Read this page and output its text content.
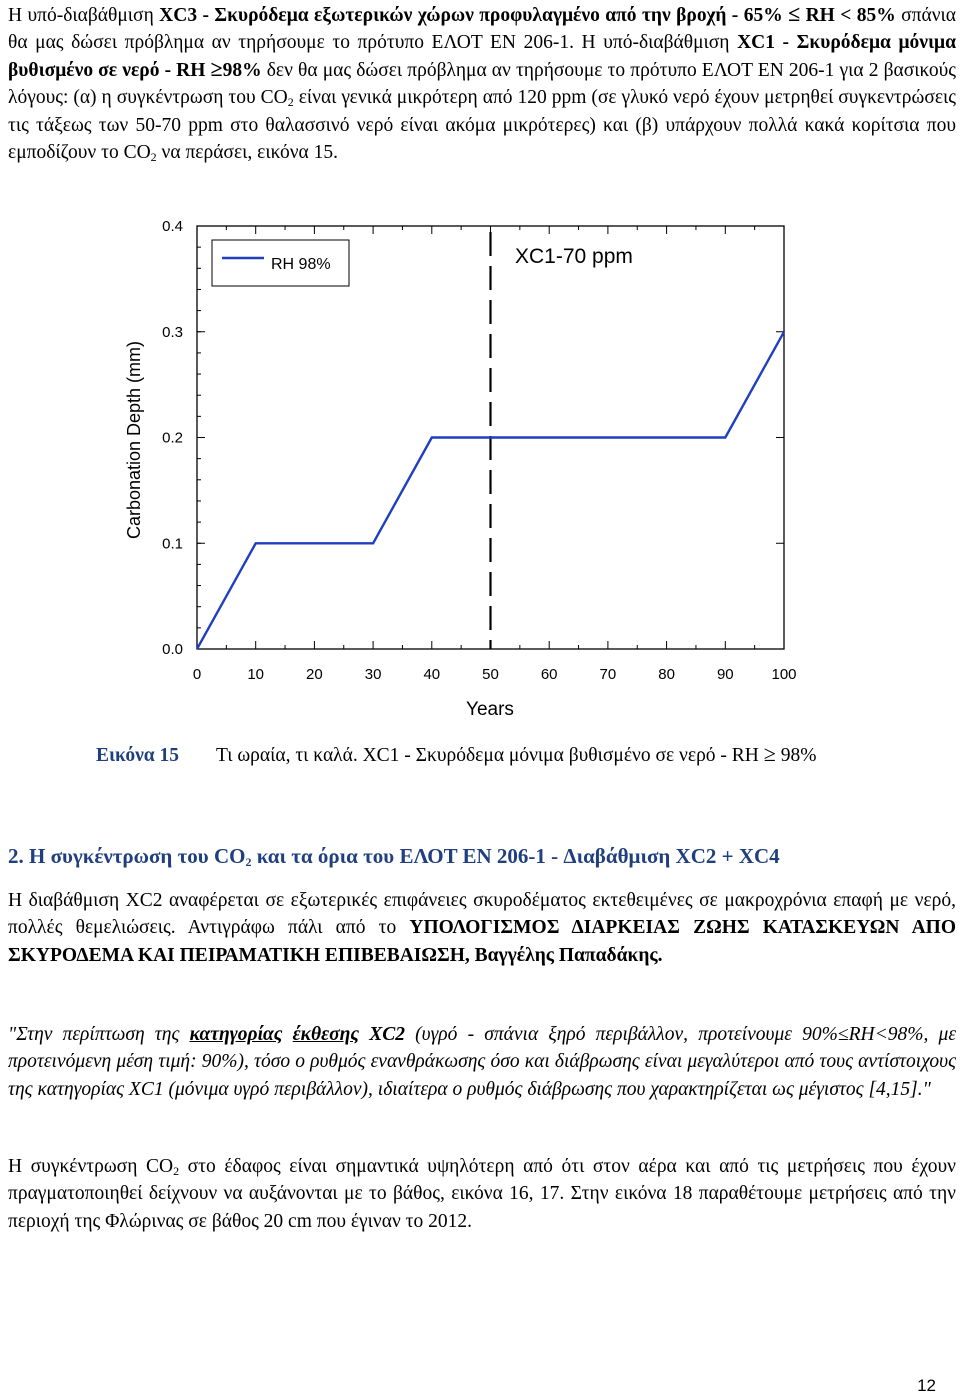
Η υπό-διαβάθμιση XC3 - Σκυρόδεμα εξωτερικών χώρων προφυλαγμένο από την βροχή - 65% ≤ RH < 85% σπάνια θα μας δώσει πρόβλημα αν τηρήσουμε το πρότυπο ΕΛΟΤ EN 206-1. Η υπό-διαβάθμιση XC1 - Σκυρόδεμα μόνιμα βυθισμένο σε νερό - RH ≥98% δεν θα μας δώσει πρόβλημα αν τηρήσουμε το πρότυπο ΕΛΟΤ EN 206-1 για 2 βασικούς λόγους: (α) η συγκέντρωση του $CO_2$ είναι γενικά μικρότερη από 120 ppm (σε γλυκό νερό έχουν μετρηθεί συγκεντρώσεις τις τάξεως των 50-70 ppm στο θαλασσινό νερό είναι ακόμα μικρότερες) και (β) υπάρχουν πολλά κακά κορίτσια που εμποδίζουν το $CO_2$ να περάσει, εικόνα 15.

0	10	20	30	40	50	60	70	80	90	100
0.0
0.1
0.2
0.3
0.4
RH 98%	XC1-70 ppm
Years
Carbonation Depth (mm)
Εικόνα 15 Τι ωραία, τι καλά. XC1 - Σκυρόδεμα μόνιμα βυθισμένο σε νερό - RH ≥ 98%
2. Η συγκέντρωση του $CO_2$ και τα όρια του ΕΛΟΤ EN 206-1 - Διαβάθμιση XC2 + XC4

Η διαβάθμιση XC2 αναφέρεται σε εξωτερικές επιφάνειες σκυροδέματος εκτεθειμένες σε μακροχρόνια επαφή με νερό, πολλές θεμελιώσεις. Αντιγράφω πάλι από το ΥΠΟΛΟΓΙΣΜΟΣ ΔΙΑΡΚΕΙΑΣ ΖΩΗΣ ΚΑΤΑΣΚΕΥΩΝ ΑΠΟ ΣΚΥΡΟΔΕΜΑ ΚΑΙ ΠΕΙΡΑΜΑΤΙΚΗ ΕΠΙΒΕΒΑΙΩΣΗ, Βαγγέλης Παπαδάκης.

"Στην περίπτωση της κατηγορίας έκθεσης XC2 (υγρό - σπάνια ξηρό περιβάλλον, προτείνουμε 90%≤RH<98%, με προτεινόμενη μέση τιμή: 90%), τόσο ο ρυθμός ενανθράκωσης όσο και διάβρωσης είναι μεγαλύτεροι από τους αντίστοιχους της κατηγορίας XC1 (μόνιμα υγρό περιβάλλον), ιδιαίτερα ο ρυθμός διάβρωσης που χαρακτηρίζεται ως μέγιστος [4,15]."

Η συγκέντρωση $CO_2$ στο έδαφος είναι σημαντικά υψηλότερη από ότι στον αέρα και από τις μετρήσεις που έχουν πραγματοποιηθεί δείχνουν να αυξάνονται με το βάθος, εικόνα 16, 17. Στην εικόνα 18 παραθέτουμε μετρήσεις από την περιοχή της Φλώρινας σε βάθος 20 cm που έγιναν το 2012.

12
